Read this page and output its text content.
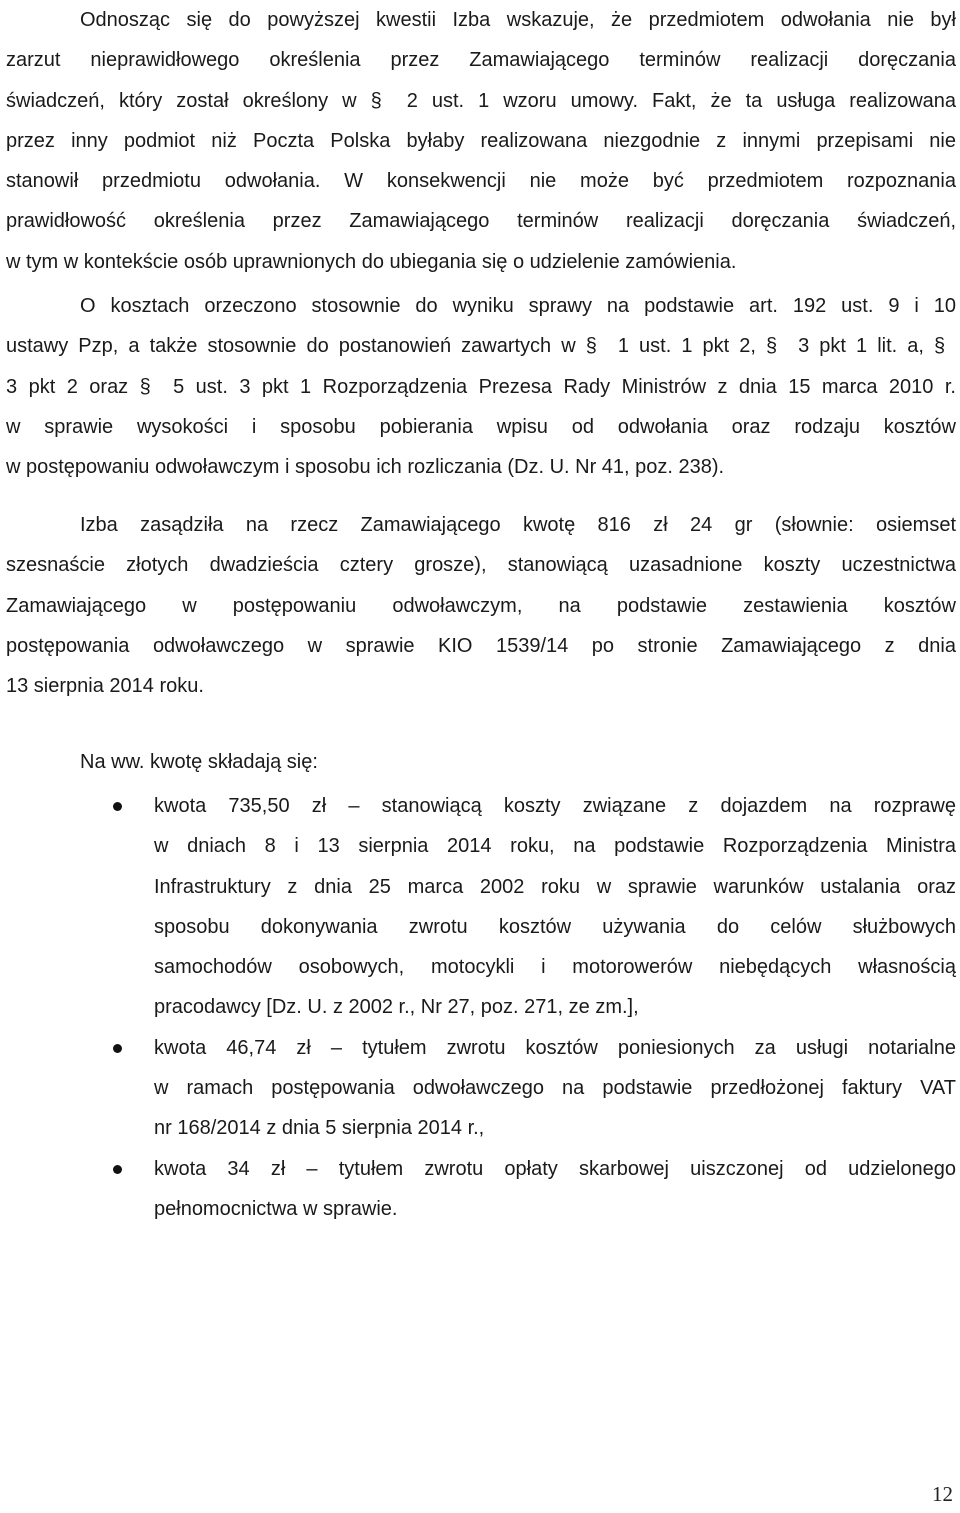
Odnosząc się do powyższej kwestii Izba wskazuje, że przedmiotem odwołania nie był
zarzut nieprawidłowego określenia przez Zamawiającego terminów realizacji doręczania
świadczeń, który został określony w § 2 ust. 1 wzoru umowy. Fakt, że ta usługa realizowana
przez inny podmiot niż Poczta Polska byłaby realizowana niezgodnie z innymi przepisami nie
stanowił przedmiotu odwołania. W konsekwencji nie może być przedmiotem rozpoznania
prawidłowość określenia przez Zamawiającego terminów realizacji doręczania świadczeń,
w tym w kontekście osób uprawnionych do ubiegania się o udzielenie zamówienia.
O kosztach orzeczono stosownie do wyniku sprawy na podstawie art. 192 ust. 9 i 10
ustawy Pzp, a także stosownie do postanowień zawartych w § 1 ust. 1 pkt 2, § 3 pkt 1 lit. a, §
3 pkt 2 oraz § 5 ust. 3 pkt 1 Rozporządzenia Prezesa Rady Ministrów z dnia 15 marca 2010 r.
w sprawie wysokości i sposobu pobierania wpisu od odwołania oraz rodzaju kosztów
w postępowaniu odwoławczym i sposobu ich rozliczania (Dz. U. Nr 41, poz. 238).
Izba zasądziła na rzecz Zamawiającego kwotę 816 zł 24 gr (słownie: osiemset
szesnaście złotych dwadzieścia cztery grosze), stanowiącą uzasadnione koszty uczestnictwa
Zamawiającego w postępowaniu odwoławczym, na podstawie zestawienia kosztów
postępowania odwoławczego w sprawie KIO 1539/14 po stronie Zamawiającego z dnia
13 sierpnia 2014 roku.
Na ww. kwotę składają się:
kwota 735,50 zł – stanowiącą koszty związane z dojazdem na rozprawę
w dniach 8 i 13 sierpnia 2014 roku, na podstawie Rozporządzenia Ministra
Infrastruktury z dnia 25 marca 2002 roku w sprawie warunków ustalania oraz
sposobu dokonywania zwrotu kosztów używania do celów służbowych
samochodów osobowych, motocykli i motorowerów niebędących własnością
pracodawcy [Dz. U. z 2002 r., Nr 27, poz. 271, ze zm.],
kwota 46,74 zł – tytułem zwrotu kosztów poniesionych za usługi notarialne
w ramach postępowania odwoławczego na podstawie przedłożonej faktury VAT
nr 168/2014 z dnia 5 sierpnia 2014 r.,
kwota 34 zł – tytułem zwrotu opłaty skarbowej uiszczonej od udzielonego
pełnomocnictwa w sprawie.
12
